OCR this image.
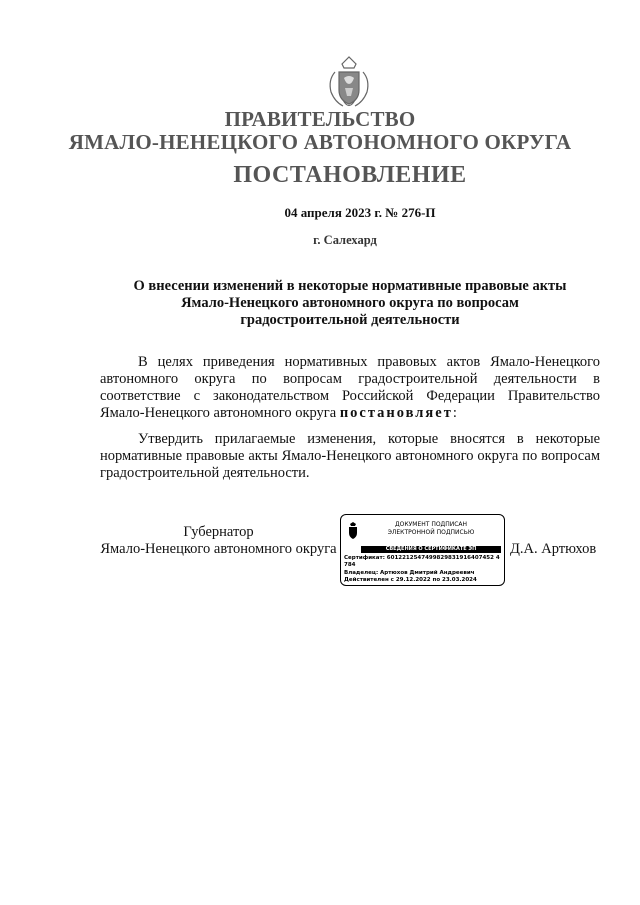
ПРАВИТЕЛЬСТВО
ЯМАЛО-НЕНЕЦКОГО АВТОНОМНОГО ОКРУГА
ПОСТАНОВЛЕНИЕ
04 апреля 2023 г. № 276-П
г. Салехард
О внесении изменений в некоторые нормативные правовые акты
Ямало-Ненецкого автономного округа по вопросам
градостроительной деятельности
В целях приведения нормативных правовых актов Ямало-Ненецкого автономного округа по вопросам градостроительной деятельности в соответствие с законодательством Российской Федерации Правительство Ямало-Ненецкого автономного округа постановляет:
Утвердить прилагаемые изменения, которые вносятся в некоторые нормативные правовые акты Ямало-Ненецкого автономного округа по вопросам градостроительной деятельности.
Губернатор
Ямало-Ненецкого автономного округа
ДОКУМЕНТ ПОДПИСАН
ЭЛЕКТРОННОЙ ПОДПИСЬЮ
СВЕДЕНИЯ О СЕРТИФИКАТЕ ЭП
Сертификат: 6012212547499829831916407452 4784
Владелец: Артюхов Дмитрий Андреевич
Действителен с 29.12.2022 по 23.03.2024
Д.А. Артюхов
